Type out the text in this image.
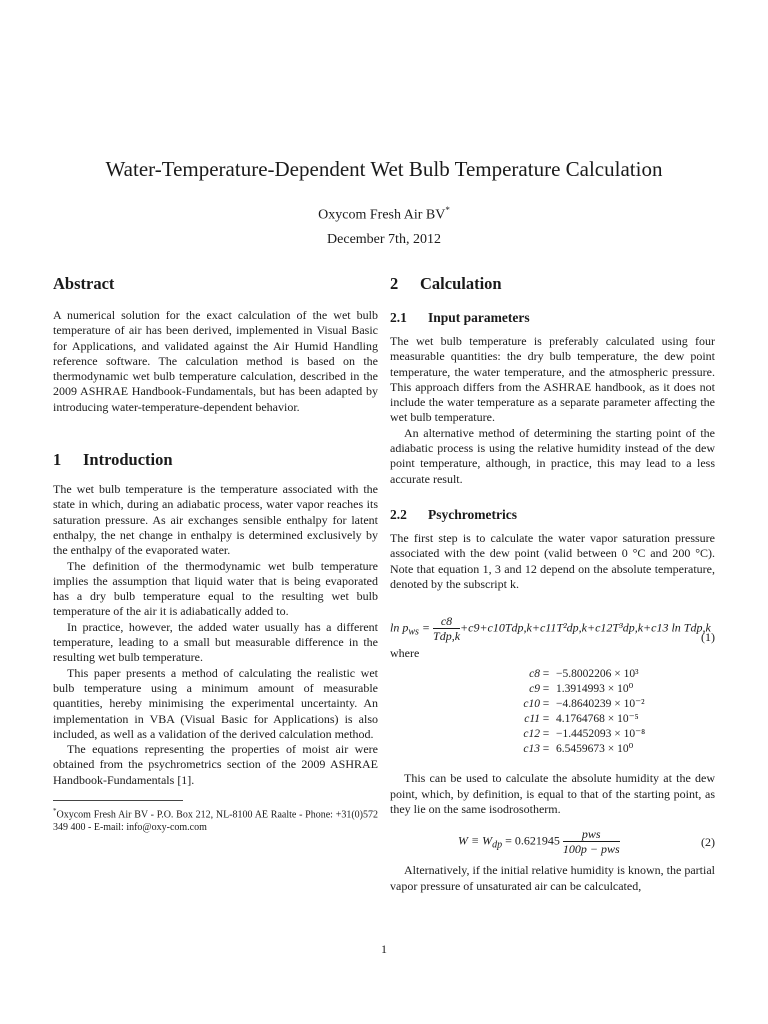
Water-Temperature-Dependent Wet Bulb Temperature Calculation
Oxycom Fresh Air BV*
December 7th, 2012
Abstract

A numerical solution for the exact calculation of the wet bulb temperature of air has been derived, implemented in Visual Basic for Applications, and validated against the Air Humid Handling reference software. The calculation method is based on the thermodynamic wet bulb temperature calculation, described in the 2009 ASHRAE Handbook-Fundamentals, but has been adapted by introducing water-temperature-dependent behavior.

1 Introduction

The wet bulb temperature is the temperature associated with the state in which, during an adiabatic process, water vapor reaches its saturation pressure. As air exchanges sensible enthalpy for latent enthalpy, the net change in enthalpy is determined exclusively by the enthalpy of the evaporated water.

The definition of the thermodynamic wet bulb temperature implies the assumption that liquid water that is being evaporated has a dry bulb temperature equal to the resulting wet bulb temperature of the air it is adiabatically added to.

In practice, however, the added water usually has a different temperature, leading to a small but measurable difference in the resulting wet bulb temperature.

This paper presents a method of calculating the realistic wet bulb temperature using a minimum amount of measurable quantities, hereby minimising the experimental uncertainty. An implementation in VBA (Visual Basic for Applications) is also included, as well as a validation of the derived calculation method.

The equations representing the properties of moist air were obtained from the psychrometrics section of the 2009 ASHRAE Handbook-Fundamentals [1].

*Oxycom Fresh Air BV - P.O. Box 212, NL-8100 AE Raalte - Phone: +31(0)572 349 400 - E-mail: info@oxy-com.com
2 Calculation
2.1 Input parameters

The wet bulb temperature is preferably calculated using four measurable quantities: the dry bulb temperature, the dew point temperature, the water temperature, and the atmospheric pressure. This approach differs from the ASHRAE handbook, as it does not include the water temperature as a separate parameter affecting the wet bulb temperature.

An alternative method of determining the starting point of the adiabatic process is using the relative humidity instead of the dew point temperature, although, in practice, this may lead to a less accurate result.

2.2 Psychrometrics

The first step is to calculate the water vapor saturation pressure associated with the dew point (valid between 0 °C and 200 °C). Note that equation 1, 3 and 12 depend on the absolute temperature, denoted by the subscript k.

$\ln p_{ws} = \frac{c8}{\text{Tdp,k}} +c9+c10Tdp,k+c11T^2dp,k+c12T^3dp,k+c13$ ln Tdp,k
(1)

where

c8 = −5.8002206 × 10³
c9 = 1.3914993 × 10⁰
c10 = −4.8640239 × 10⁻²
c11 = 4.1764768 × 10⁻⁵
c12 = −1.4452093 × 10⁻⁸
c13 = 6.5459673 × 10⁰

This can be used to calculate the absolute humidity at the dew point, which, by definition, is equal to that of the starting point, as they lie on the same isodrosotherm.

$W \equiv W_{dp} = 0.621945 \frac{\text{pws}}{\text{100p − pws}}$	(2)

Alternatively, if the initial relative humidity is known, the partial vapor pressure of unsaturated air can be calculcated,

1
